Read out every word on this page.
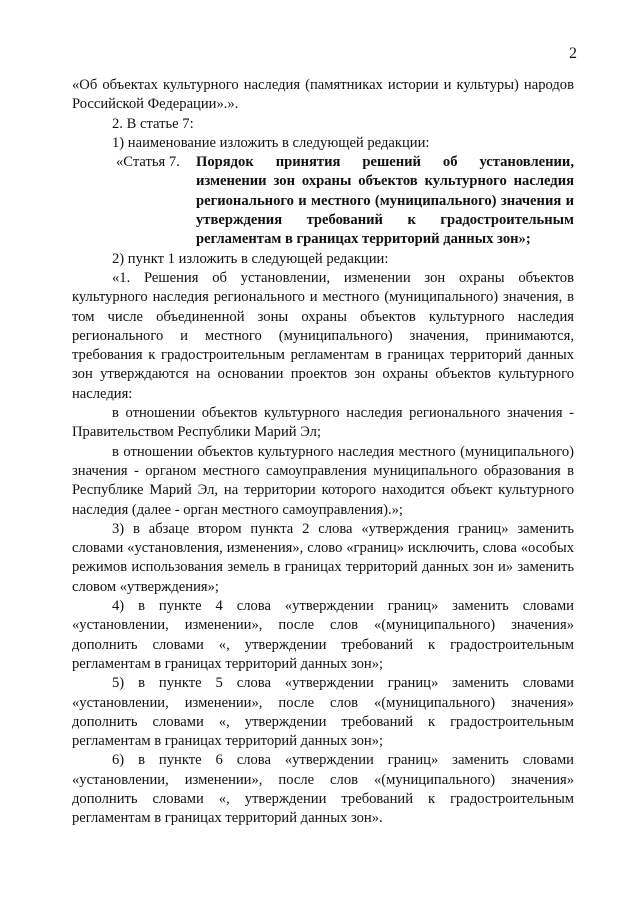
2

«Об объектах культурного наследия (памятниках истории и культуры) народов Российской Федерации».».

2. В статье 7:

1) наименование изложить в следующей редакции:

«Статья 7.	Порядок принятия решений об установлении, изменении зон охраны объектов культурного наследия регионального и местного (муниципального) значения и утверждения требований к градостроительным регламентам в границах территорий данных зон»;

2) пункт 1 изложить в следующей редакции:

«1. Решения об установлении, изменении зон охраны объектов культурного наследия регионального и местного (муниципального) значения, в том числе объединенной зоны охраны объектов культурного наследия регионального и местного (муниципального) значения, принимаются, требования к градостроительным регламентам в границах территорий данных зон утверждаются на основании проектов зон охраны объектов культурного наследия:

в отношении объектов культурного наследия регионального значения - Правительством Республики Марий Эл;

в отношении объектов культурного наследия местного (муниципального) значения - органом местного самоуправления муниципального образования в Республике Марий Эл, на территории которого находится объект культурного наследия (далее - орган местного самоуправления).»;

3) в абзаце втором пункта 2 слова «утверждения границ» заменить словами «установления, изменения», слово «границ» исключить, слова «особых режимов использования земель в границах территорий данных зон и» заменить словом «утверждения»;

4) в пункте 4 слова «утверждении границ» заменить словами «установлении, изменении», после слов «(муниципального) значения» дополнить словами «, утверждении требований к градостроительным регламентам в границах территорий данных зон»;

5) в пункте 5 слова «утверждении границ» заменить словами «установлении, изменении», после слов «(муниципального) значения» дополнить словами «, утверждении требований к градостроительным регламентам в границах территорий данных зон»;

6) в пункте 6 слова «утверждении границ» заменить словами «установлении, изменении», после слов «(муниципального) значения» дополнить словами «, утверждении требований к градостроительным регламентам в границах территорий данных зон».
